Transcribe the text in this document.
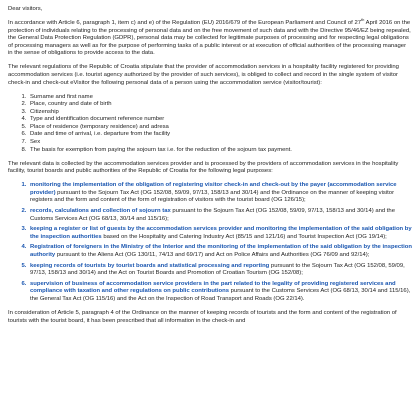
Dear visitors,

In accordance with Article 6, paragraph 1, item c) and e) of the Regulation (EU) 2016/679 of the European Parliament and Council of 27th April 2016 on the protection of individuals relating to the processing of personal data and on the free movement of such data and with the Directive 95/46/EZ being repealed, the General Data Protection Regulation (GDPR), personal data may be collected for legitimate purposes of processing and for respecting legal obligations of processing managers as well as for the purpose of performing tasks of a public interest or at execution of official authorities of the processing manager in the sense of obligations to provide access to the data.

The relevant regulations of the Republic of Croatia stipulate that the provider of accommodation services in a hospitality facility registered for providing accommodation services (i.e. tourist agency authorized by the provider of such services), is obliged to collect and record in the single system of visitor check-in and check-out eVisitor the following personal data of a person using the accommodation service (visitor/tourist):

1. Surname and first name
2. Place, country and date of birth
3. Citizenship
4. Type and identification document reference number
5. Place of residence (temporary residence) and adresa
6. Date and time of arrival, i.e. departure from the facility
7. Sex
8. The basis for exemption from paying the sojourn tax i.e. for the reduction of the sojourn tax payment.

The relevant data is collected by the accommodation services provider and is processed by the providers of accommodation services in the hospitality facility, tourist boards and public authorities of the Republic of Croatia for the following legal purposes:

1. monitoring the implementation of the obligation of registering visitor check-in and check-out by the payer (accommodation service provider) pursuant to the Sojourn Tax Act (OG 152/08, 59/09, 97/13, 158/13 and 30/14) and the Ordinance on the manner of keeping visitor registers and the form and content of the form of registration of visitors with the tourist board (OG 126/15);
2. records, calculations and collection of sojourn tax pursuant to the Sojourn Tax Act (OG 152/08, 59/09, 97/13, 158/13 and 30/14) and the Customs Services Act (OG 68/13, 30/14 and 115/16);
3. keeping a register or list of guests by the accommodation services provider and monitoring the implementation of the said obligation by the inspection authorities based on the Hospitality and Catering Industry Act (85/15 and 121/16) and Tourist Inspection Act (OG 19/14);
4. Registration of foreigners in the Ministry of the Interior and the monitoring of the implementation of the said obligation by the inspection authority pursuant to the Aliens Act (OG 130/11, 74/13 and 69/17) and Act on Police Affairs and Authorities (OG 76/09 and 92/14);
5. keeping records of tourists by tourist boards and statistical processing and reporting pursuant to the Sojourn Tax Act (OG 152/08, 59/09, 97/13, 158/13 and 30/14) and the Act on Tourist Boards and Promotion of Croatian Tourism (OG 152/08);
6. supervision of business of accommodation service providers in the part related to the legality of providing registered services and compliance with taxation and other regulations on public contributions pursuant to the Customs Services Act (OG 68/13, 30/14 and 115/16), the General Tax Act (OG 115/16) and the Act on the Inspection of Road Transport and Roads (OG 22/14).

In consideration of Article 5, paragraph 4 of the Ordinance on the manner of keeping records of tourists and the form and content of the registration of tourists with the tourist board, it has been prescribed that all information in the check-in and
